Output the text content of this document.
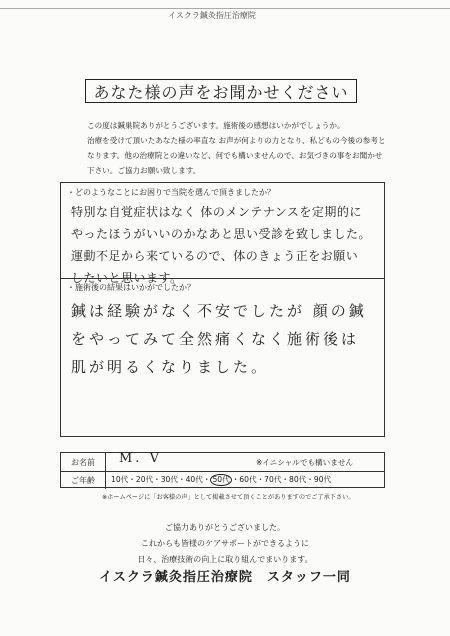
イスクラ鍼灸指圧治療院
あなた様の声をお聞かせください

この度は鍼巣院ありがとうございます。施術後の感想はいかがでしょうか。

治療を受けて頂いたあなた様の率直な お声が何よりの力となり、私どもの今後の参考と

なります。他の治療院との違いなど、何でも構いませんので、お気づきの事をお聞かせ

下さい。ご協力お願い致します。

・どのようなことにお困りで当院を選んで頂きましたか？
特別な自覚症状はなく 体のメンテナンスを定期的に
やったほうがいいのかなあと思い受診を致しました。
運動不足から来ているので、体のきょう正をお願い
したいと思います。
・施術後の結果はいかがでしたか？
鍼は経験がなく不安でしたが 顔の鍼
をやってみて全然痛くなく施術後は
肌が明るくなりました。
お名前	M. V	※イニシャルでも構いません
ご年齢	10代・20代・30代・40代・ 50代 ・60代・70代・80代・90代
※ホームページに「お客様の声」として掲載させて頂くことがありますのでご了承下さい。

ご協力ありがとうございました。

これからも皆様のケアサポートができるように

日々、治療技術の向上に取り組んでまいります。

イスクラ鍼灸指圧治療院 スタッフ一同
